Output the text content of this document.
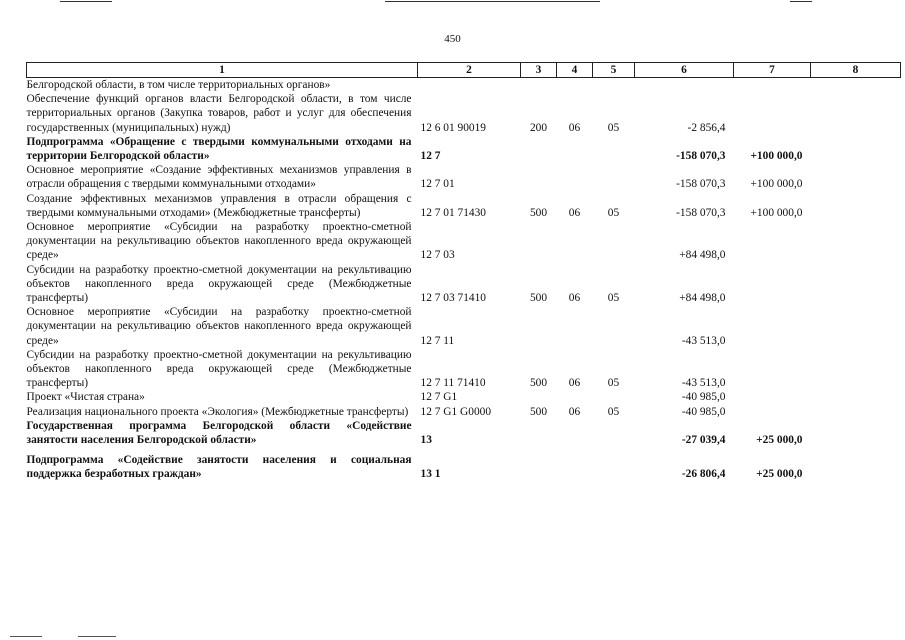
450
1	2	3	4	5	6	7	8
Белгородской области, в том числе территориальных органов»							
Обеспечение функций органов власти Белгородской области, в том числе территориальных органов (Закупка товаров, работ и услуг для обеспечения государственных (муниципальных) нужд)	12 6 01 90019	200	06	05	-2 856,4		
Подпрограмма «Обращение с твердыми коммунальными отходами на территории Белгородской области»	12 7				-158 070,3	+100 000,0	
Основное мероприятие «Создание эффективных механизмов управления в отрасли обращения с твердыми коммунальными отходами»	12 7 01				-158 070,3	+100 000,0	
Создание эффективных механизмов управления в отрасли обращения с твердыми коммунальными отходами» (Межбюджетные трансферты)	12 7 01 71430	500	06	05	-158 070,3	+100 000,0	
Основное мероприятие «Субсидии на разработку проектно-сметной документации на рекультивацию объектов накопленного вреда окружающей среде»	12 7 03				+84 498,0		
Субсидии на разработку проектно-сметной документации на рекультивацию объектов накопленного вреда окружающей среде (Межбюджетные трансферты)	12 7 03 71410	500	06	05	+84 498,0		
Основное мероприятие «Субсидии на разработку проектно-сметной документации на рекультивацию объектов накопленного вреда окружающей среде»	12 7 11				-43 513,0		
Субсидии на разработку проектно-сметной документации на рекультивацию объектов накопленного вреда окружающей среде (Межбюджетные трансферты)	12 7 11 71410	500	06	05	-43 513,0		
Проект «Чистая страна»	12 7 G1				-40 985,0		
Реализация национального проекта «Экология» (Межбюджетные трансферты)	12 7 G1 G0000	500	06	05	-40 985,0		
Государственная программа Белгородской области «Содействие занятости населения Белгородской области»	13				-27 039,4	+25 000,0	
Подпрограмма «Содействие занятости населения и социальная поддержка безработных граждан»	13 1				-26 806,4	+25 000,0	
